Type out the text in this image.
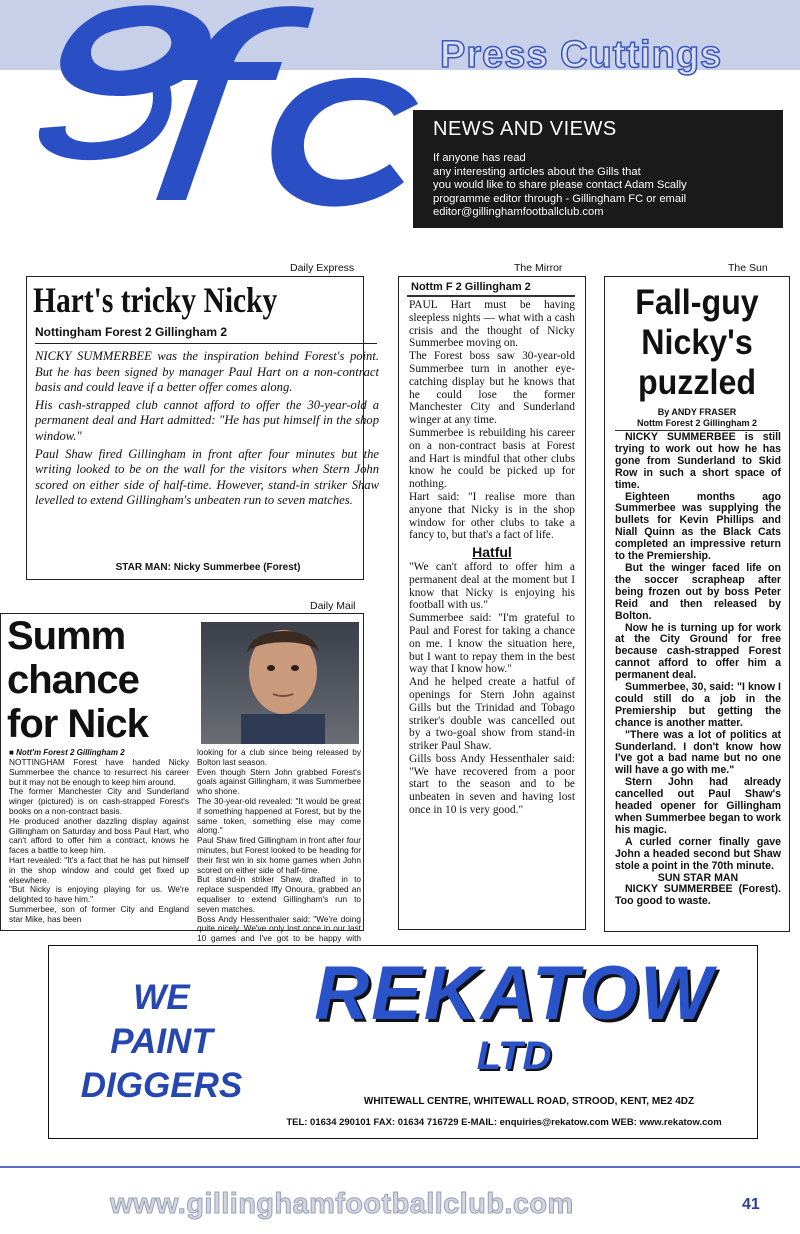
Press Cuttings
NEWS AND VIEWS
If anyone has read
any interesting articles about the Gills that
you would like to share please contact Adam Scally
programme editor through - Gillingham FC or email
editor@gillinghamfootballclub.com
Daily Express
Hart's tricky Nicky
Nottingham Forest 2 Gillingham 2

NICKY SUMMERBEE was the inspiration behind Forest's point. But he has been signed by manager Paul Hart on a non-contract basis and could leave if a better offer comes along.

His cash-strapped club cannot afford to offer the 30-year-old a permanent deal and Hart admitted: "He has put himself in the shop window."

Paul Shaw fired Gillingham in front after four minutes but the writing looked to be on the wall for the visitors when Stern John scored on either side of half-time. However, stand-in striker Shaw levelled to extend Gillingham's unbeaten run to seven matches.

STAR MAN: Nicky Summerbee (Forest)
Daily Mail
Summ
chance
for Nick
■ Nott'm Forest 2 Gillingham 2

NOTTINGHAM Forest have handed Nicky Summerbee the chance to resurrect his career but it may not be enough to keep him around.

The former Manchester City and Sunderland winger (pictured) is on cash-strapped Forest's books on a non-contract basis.

He produced another dazzling display against Gillingham on Saturday and boss Paul Hart, who can't afford to offer him a contract, knows he faces a battle to keep him.

Hart revealed: "It's a fact that he has put himself in the shop window and could get fixed up elsewhere.

"But Nicky is enjoying playing for us. We're delighted to have him."

Summerbee, son of former City and England star Mike, has been

looking for a club since being released by Bolton last season.

Even though Stern John grabbed Forest's goals against Gillingham, it was Summerbee who shone.

The 30-year-old revealed: "It would be great if something happened at Forest, but by the same token, something else may come along."

Paul Shaw fired Gillingham in front after four minutes, but Forest looked to be heading for their first win in six home games when John scored on either side of half-time.

But stand-in striker Shaw, drafted in to replace suspended Iffy Onoura, grabbed an equaliser to extend Gillingham's run to seven matches.

Boss Andy Hessenthaler said: "We're doing quite nicely. We've only lost once in our last 10 games and I've got to be happy with

The Mirror
Nottm F 2 Gillingham 2

PAUL Hart must be having sleepless nights — what with a cash crisis and the thought of Nicky Summerbee moving on.

The Forest boss saw 30-year-old Summerbee turn in another eye-catching display but he knows that he could lose the former Manchester City and Sunderland winger at any time.

Summerbee is rebuilding his career on a non-contract basis at Forest and Hart is mindful that other clubs know he could be picked up for nothing.

Hart said: "I realise more than anyone that Nicky is in the shop window for other clubs to take a fancy to, but that's a fact of life.

Hatful

"We can't afford to offer him a permanent deal at the moment but I know that Nicky is enjoying his football with us."

Summerbee said: "I'm grateful to Paul and Forest for taking a chance on me. I know the situation here, but I want to repay them in the best way that I know how."

And he helped create a hatful of openings for Stern John against Gills but the Trinidad and Tobago striker's double was cancelled out by a two-goal show from stand-in striker Paul Shaw.

Gills boss Andy Hessenthaler said: "We have recovered from a poor start to the season and to be unbeaten in seven and having lost once in 10 is very good."

The Sun
Fall-guy
Nicky's
puzzled
By ANDY FRASER
Nottm Forest 2 Gillingham 2

NICKY SUMMERBEE is still trying to work out how he has gone from Sunderland to Skid Row in such a short space of time.

Eighteen months ago Summerbee was supplying the bullets for Kevin Phillips and Niall Quinn as the Black Cats completed an impressive return to the Premiership.

But the winger faced life on the soccer scrapheap after being frozen out by boss Peter Reid and then released by Bolton.

Now he is turning up for work at the City Ground for free because cash-strapped Forest cannot afford to offer him a permanent deal.

Summerbee, 30, said: "I know I could still do a job in the Premiership but getting the chance is another matter.

"There was a lot of politics at Sunderland. I don't know how I've got a bad name but no one will have a go with me."

Stern John had already cancelled out Paul Shaw's headed opener for Gillingham when Summerbee began to work his magic.

A curled corner finally gave John a headed second but Shaw stole a point in the 70th minute.

SUN STAR MAN

NICKY SUMMERBEE (Forest). Too good to waste.

WE
PAINT
DIGGERS
REKATOW
LTD
WHITEWALL CENTRE, WHITEWALL ROAD, STROOD, KENT, ME2 4DZ
TEL: 01634 290101 FAX: 01634 716729 E-MAIL: enquiries@rekatow.com WEB: www.rekatow.com
www.gillinghamfootballclub.com	41
